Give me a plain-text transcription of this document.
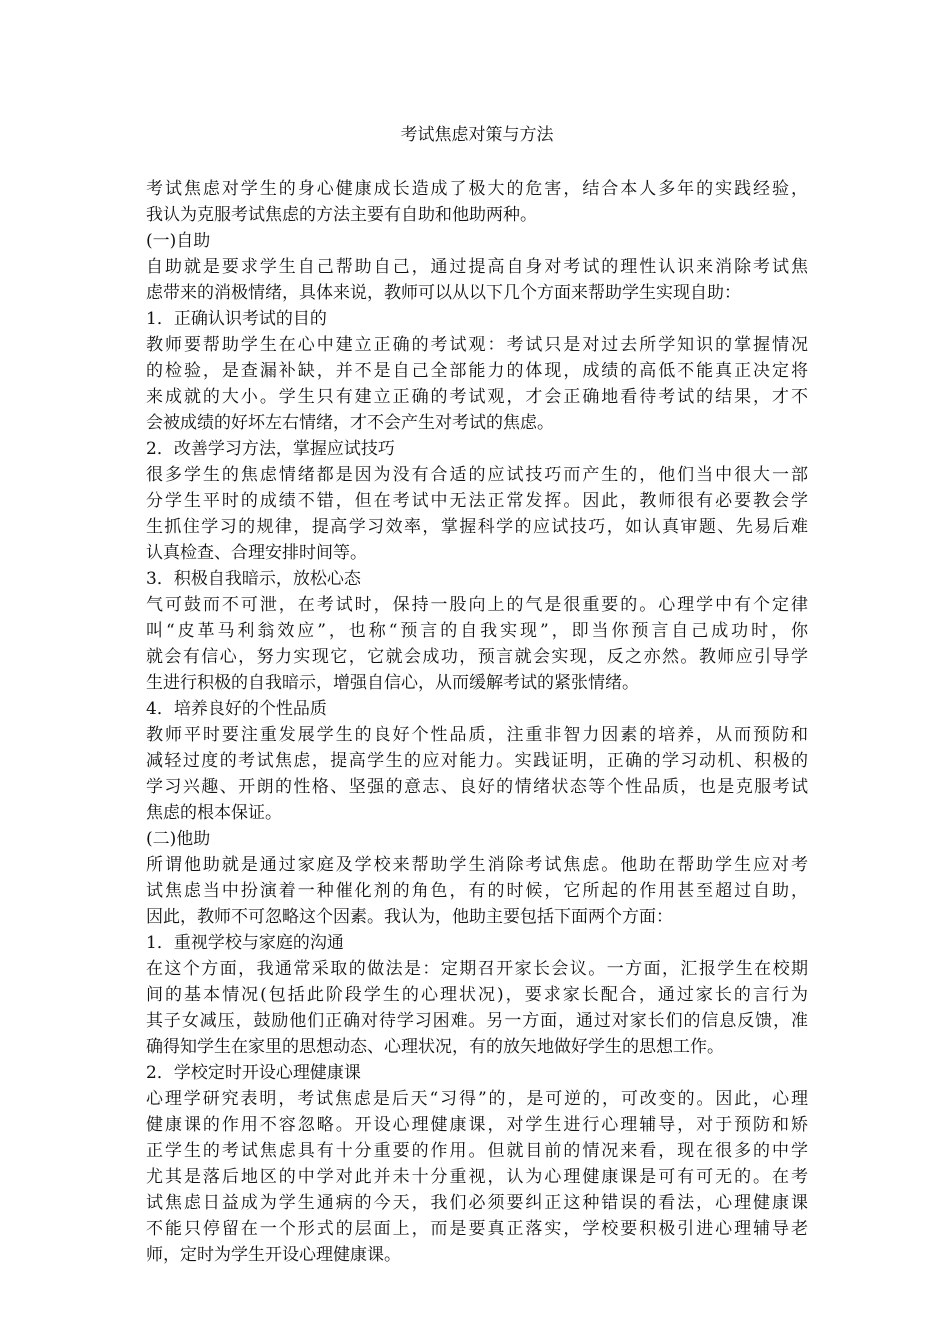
考试焦虑对策与方法
考试焦虑对学生的身心健康成长造成了极大的危害，结合本人多年的实践经验，
我认为克服考试焦虑的方法主要有自助和他助两种。
(一)自助
自助就是要求学生自己帮助自己，通过提高自身对考试的理性认识来消除考试焦
虑带来的消极情绪，具体来说，教师可以从以下几个方面来帮助学生实现自助：
1．正确认识考试的目的
教师要帮助学生在心中建立正确的考试观：考试只是对过去所学知识的掌握情况
的检验，是查漏补缺，并不是自己全部能力的体现，成绩的高低不能真正决定将
来成就的大小。学生只有建立正确的考试观，才会正确地看待考试的结果，才不
会被成绩的好坏左右情绪，才不会产生对考试的焦虑。
2．改善学习方法，掌握应试技巧
很多学生的焦虑情绪都是因为没有合适的应试技巧而产生的，他们当中很大一部
分学生平时的成绩不错，但在考试中无法正常发挥。因此，教师很有必要教会学
生抓住学习的规律，提高学习效率，掌握科学的应试技巧，如认真审题、先易后难
认真检查、合理安排时间等。
3．积极自我暗示，放松心态
气可鼓而不可泄，在考试时，保持一股向上的气是很重要的。心理学中有个定律
叫“皮革马利翁效应”，也称“预言的自我实现”，即当你预言自己成功时，你
就会有信心，努力实现它，它就会成功，预言就会实现，反之亦然。教师应引导学
生进行积极的自我暗示，增强自信心，从而缓解考试的紧张情绪。
4．培养良好的个性品质
教师平时要注重发展学生的良好个性品质，注重非智力因素的培养，从而预防和
减轻过度的考试焦虑，提高学生的应对能力。实践证明，正确的学习动机、积极的
学习兴趣、开朗的性格、坚强的意志、良好的情绪状态等个性品质，也是克服考试
焦虑的根本保证。
(二)他助
所谓他助就是通过家庭及学校来帮助学生消除考试焦虑。他助在帮助学生应对考
试焦虑当中扮演着一种催化剂的角色，有的时候，它所起的作用甚至超过自助，
因此，教师不可忽略这个因素。我认为，他助主要包括下面两个方面：
1．重视学校与家庭的沟通
在这个方面，我通常采取的做法是：定期召开家长会议。一方面，汇报学生在校期
间的基本情况(包括此阶段学生的心理状况)，要求家长配合，通过家长的言行为
其子女减压，鼓励他们正确对待学习困难。另一方面，通过对家长们的信息反馈，准
确得知学生在家里的思想动态、心理状况，有的放矢地做好学生的思想工作。
2．学校定时开设心理健康课
心理学研究表明，考试焦虑是后天“习得”的，是可逆的，可改变的。因此，心理
健康课的作用不容忽略。开设心理健康课，对学生进行心理辅导，对于预防和矫
正学生的考试焦虑具有十分重要的作用。但就目前的情况来看，现在很多的中学
尤其是落后地区的中学对此并未十分重视，认为心理健康课是可有可无的。在考
试焦虑日益成为学生通病的今天，我们必须要纠正这种错误的看法，心理健康课
不能只停留在一个形式的层面上，而是要真正落实，学校要积极引进心理辅导老
师，定时为学生开设心理健康课。
